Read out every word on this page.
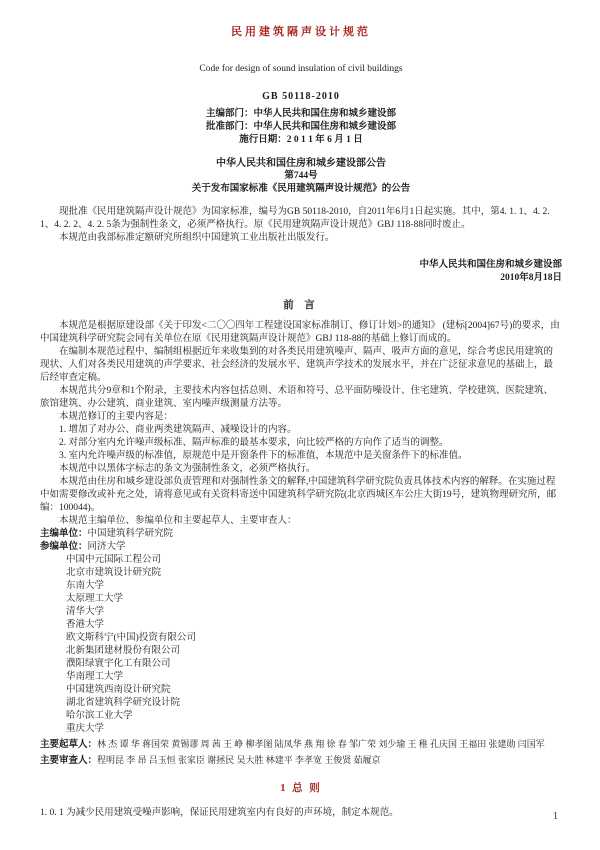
民用建筑隔声设计规范

Code for design of sound insulation of civil buildings

GB 50118-2010

主编部门：中华人民共和国住房和城乡建设部

批准部门：中华人民共和国住房和城乡建设部

施行日期：2 0 1 1 年 6 月 1 日

中华人民共和国住房和城乡建设部公告

第744号

关于发布国家标准《民用建筑隔声设计规范》的公告

现批准《民用建筑隔声设计规范》为国家标准，编号为GB 50118-2010，自2011年6月1日起实施。其中，第4. 1. 1、4. 2. 1、4. 2. 2、4. 2. 5条为强制性条文，必须严格执行。原《民用建筑隔声设计规范》GBJ 118-88同时废止。

本规范由我部标准定额研究所组织中国建筑工业出版社出版发行。

中华人民共和国住房和城乡建设部

2010年8月18日

前 言

本规范是根据原建设部《关于印发<二〇〇四年工程建设国家标准制订、修订计划>的通知》 (建标[2004]67号)的要求，由中国建筑科学研究院会同有关单位在原《民用建筑隔声设计规范》GBJ 118-88的基础上修订而成的。

在编制本规范过程中，编制组根据近年来收集到的对各类民用建筑噪声、隔声、吸声方面的意见，综合考虑民用建筑的现状、人们对各类民用建筑的声学要求、社会经济的发展水平、建筑声学技术的发展水平，并在广泛征求意见的基础上，最后经审查定稿。

本规范共分9章和1个附录，主要技术内容包括总则、术语和符号、总平面防噪设计、住宅建筑、学校建筑、医院建筑、旅馆建筑、办公建筑、商业建筑、室内噪声级测量方法等。

本规范修订的主要内容是：

1. 增加了对办公、商业两类建筑隔声、减噪设计的内容。

2. 对部分室内允许噪声级标准、隔声标准的最基本要求，向比较严格的方向作了适当的调整。

3. 室内允许噪声级的标准值，原规范中是开窗条件下的标准值，本规范中是关窗条件下的标准值。

本规范中以黑体字标志的条文为强制性条文，必须严格执行。

本规范由住房和城乡建设部负责管理和对强制性条文的解释,中国建筑科学研究院负责具体技术内容的解释。在实施过程中如需要修改或补充之处，请将意见或有关资料寄送中国建筑科学研究院(北京西城区车公庄大街19号，建筑物理研究所，邮编：100044)。

本规范主编单位、参编单位和主要起草人、主要审查人：

主编单位：中国建筑科学研究院

参编单位：同济大学

中国中元国际工程公司

北京市建筑设计研究院

东南大学

太原理工大学

清华大学

香港大学

欧文斯科宁(中国)投资有限公司

北新集团建材股份有限公司

濮阳绿寰宇化工有限公司

华南理工大学

中国建筑西南设计研究院

湖北省建筑科学研究设计院

哈尔滨工业大学

重庆大学

主要起草人：林 杰 谭 华 蒋国荣 黄锡谬 周 茜 王 峥 柳孝图 陆凤华 燕 翔 徐 春 邹广荣 刘少瑜 王 稚 孔庆国 王福田 张建勋 闫国军

主要审查人：程明昆 李 昂 吕玉恒 张家臣 谢拯民 吴大胜 林建平 李孝宽 王俊贤 茹履京

1 总 则

1. 0. 1 为减少民用建筑受噪声影响，保证民用建筑室内有良好的声环境，制定本规范。	1
